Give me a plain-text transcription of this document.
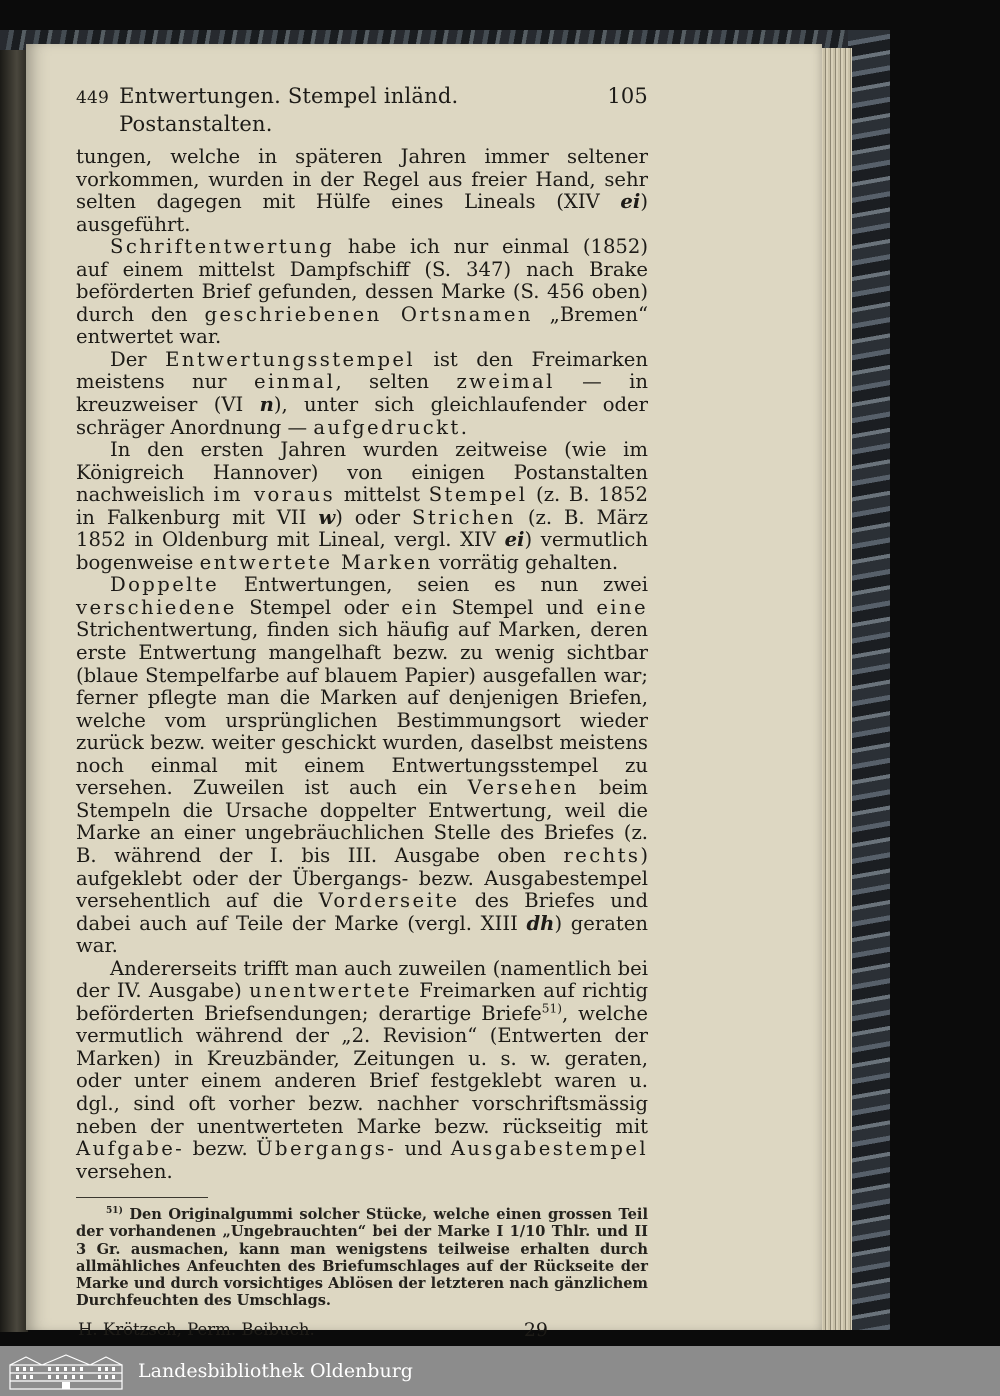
449 Entwertungen. Stempel inländ. Postanstalten.
105

tungen, welche in späteren Jahren immer seltener vorkommen, wurden in der Regel aus freier Hand, sehr selten dagegen mit Hülfe eines Lineals (XIV ei) ausgeführt.

Schriftentwertung habe ich nur einmal (1852) auf einem mittelst Dampfschiff (S. 347) nach Brake beförderten Brief gefunden, dessen Marke (S. 456 oben) durch den geschriebenen Ortsnamen „Bremen“ entwertet war.

Der Entwertungsstempel ist den Freimarken meistens nur einmal, selten zweimal — in kreuzweiser (VI n), unter sich gleichlaufender oder schräger Anordnung — aufgedruckt.

In den ersten Jahren wurden zeitweise (wie im Königreich Hannover) von einigen Postanstalten nachweislich im voraus mittelst Stempel (z. B. 1852 in Falkenburg mit VII w) oder Strichen (z. B. März 1852 in Oldenburg mit Lineal, vergl. XIV ei) vermutlich bogenweise entwertete Marken vorrätig gehalten.

Doppelte Entwertungen, seien es nun zwei verschiedene Stempel oder ein Stempel und eine Strichentwertung, finden sich häufig auf Marken, deren erste Entwertung mangelhaft bezw. zu wenig sichtbar (blaue Stempelfarbe auf blauem Papier) ausgefallen war; ferner pflegte man die Marken auf denjenigen Briefen, welche vom ursprünglichen Bestimmungsort wieder zurück bezw. weiter geschickt wurden, daselbst meistens noch einmal mit einem Entwertungsstempel zu versehen. Zuweilen ist auch ein Versehen beim Stempeln die Ursache doppelter Entwertung, weil die Marke an einer ungebräuchlichen Stelle des Briefes (z. B. während der I. bis III. Ausgabe oben rechts) aufgeklebt oder der Übergangs- bezw. Ausgabestempel versehentlich auf die Vorderseite des Briefes und dabei auch auf Teile der Marke (vergl. XIII dh) geraten war.

Andererseits trifft man auch zuweilen (namentlich bei der IV. Ausgabe) unentwertete Freimarken auf richtig beförderten Briefsendungen; derartige Briefe$^{51)}$, welche vermutlich während der „2. Revision“ (Entwerten der Marken) in Kreuzbänder, Zeitungen u. s. w. geraten, oder unter einem anderen Brief festgeklebt waren u. dgl., sind oft vorher bezw. nachher vorschriftsmässig neben der unentwerteten Marke bezw. rückseitig mit Aufgabe- bezw. Übergangs- und Ausgabestempel versehen.

$^{51)}$ Den Originalgummi solcher Stücke, welche einen grossen Teil der vorhandenen „Ungebrauchten“ bei der Marke I 1/10 Thlr. und II 3 Gr. ausmachen, kann man wenigstens teilweise erhalten durch allmähliches Anfeuchten des Briefumschlages auf der Rückseite der Marke und durch vorsichtiges Ablösen der letzteren nach gänzlichem Durchfeuchten des Umschlags.

H. Krötzsch, Perm. Beibuch.	29
Landesbibliothek Oldenburg
